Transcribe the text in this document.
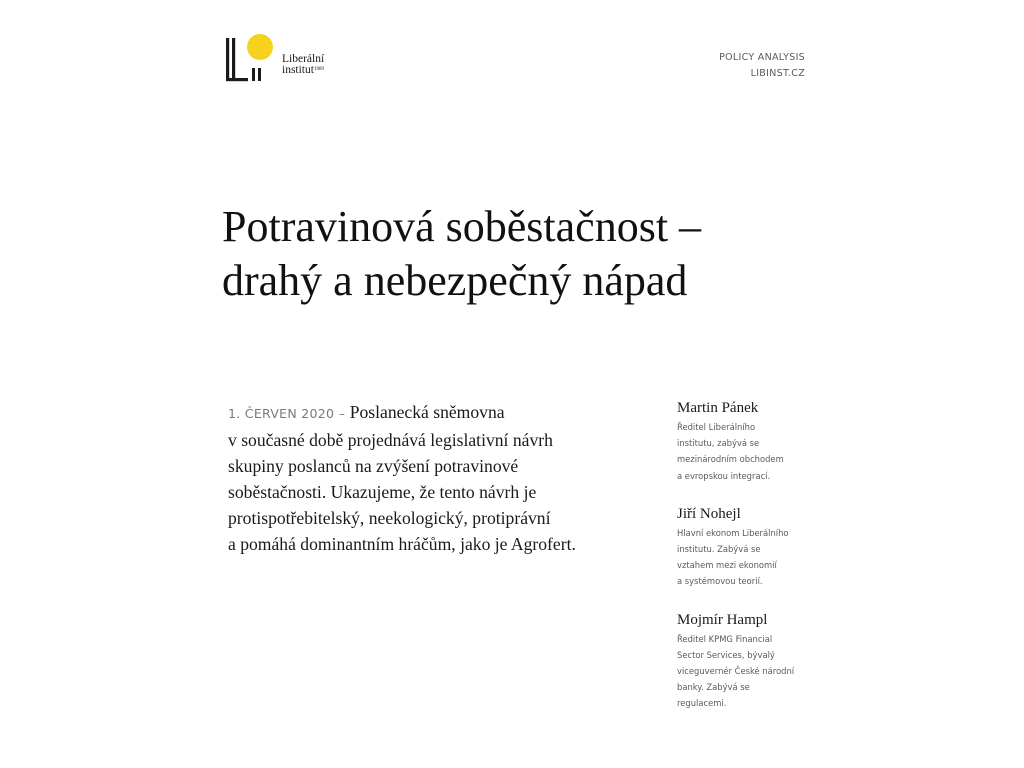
Liberální
institut$^{1989}$
POLICY ANALYSIS
LIBINST.CZ
Potravinová soběstačnost –
drahý a nebezpečný nápad
1. ČERVEN 2020 – Poslanecká sněmovna
v současné době projednává legislativní návrh
skupiny poslanců na zvýšení potravinové
soběstačnosti. Ukazujeme, že tento návrh je
protispotřebitelský, neekologický, protiprávní
a pomáhá dominantním hráčům, jako je Agrofert.
Martin Pánek
Ředitel Liberálního
institutu, zabývá se
mezinárodním obchodem
a evropskou integrací.
Jiří Nohejl
Hlavní ekonom Liberálního
institutu. Zabývá se
vztahem mezi ekonomií
a systémovou teorií.
Mojmír Hampl
Ředitel KPMG Financial
Sector Services, bývalý
viceguvernér České národní
banky. Zabývá se
regulacemi.
